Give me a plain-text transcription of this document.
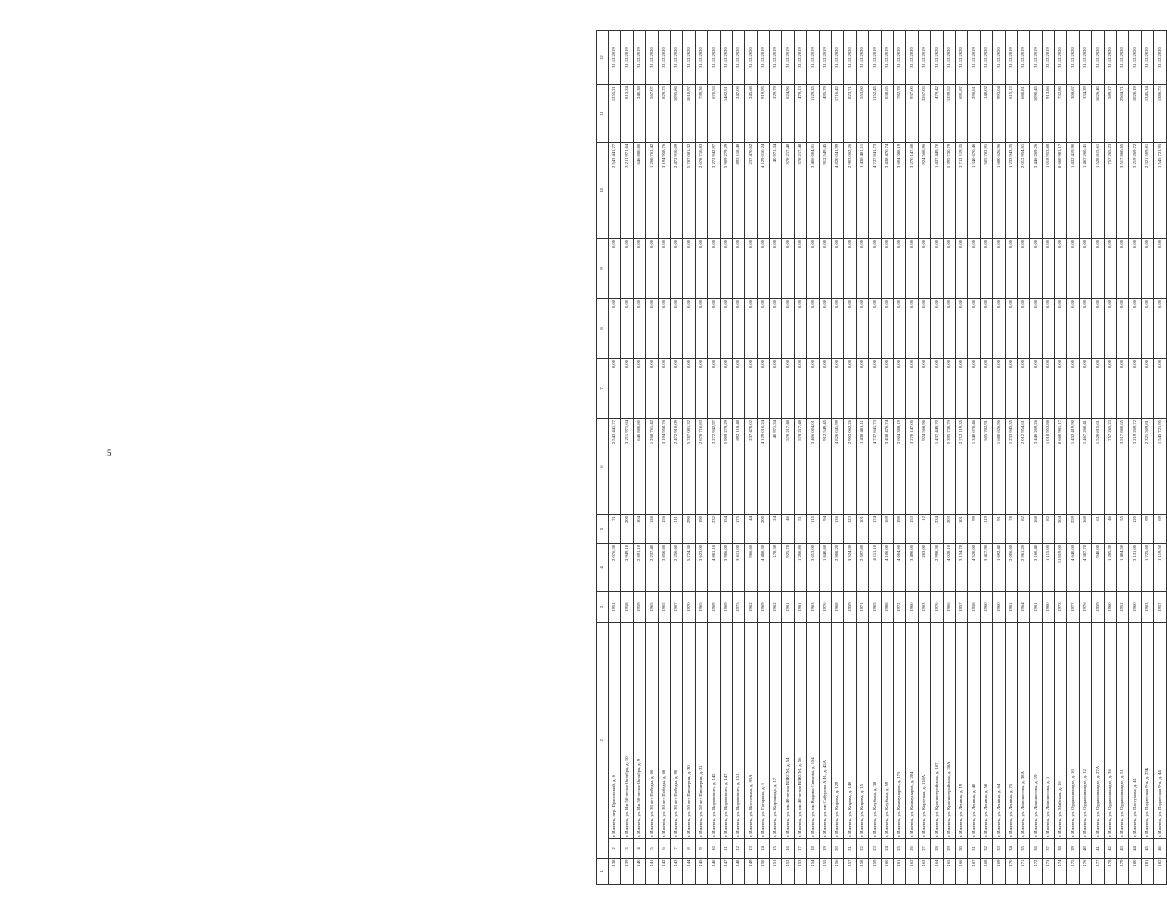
5
1	2		3	4	5	6	7	8	9	10	11	12
138	2	г. Ижевск, пер. Прасовский, д. 6	1951	2 076,30	71	2 543 441,77	0,00	0,00	0,00	2 543 441,77	1255,21	31.12.2019
139	3	г. Ижевск, ул. Им 50-летия Октября, д. 10	1958	3 949,10	200	3 211 971,64	0,00	0,00	0,00	3 211 971,64	813,34	31.12.2019
140	4	г. Ижевск, ул. Им 50-летия Октября, д. 9	1959	2 691,10	104	646 880,80	0,00	0,00	0,00	646 880,80	240,38	31.12.2019
141	5	г. Ижевск, ул. 30 лет Победы, д. 66	1965	2 237,40	128	1 268 761,42	0,00	0,00	0,00	1 268 761,42	567,07	31.12.2020
142	6	г. Ижевск, ул. 30 лет Победы, д. 68	1965	3 850,60	156	3 194 958,76	0,00	0,00	0,00	3 194 958,76	829,75	31.12.2020
143	7	г. Ижевск, ул. 30 лет Победы, д. 90	1967	2 256,60	111	2 472 910,09	0,00	0,00	0,00	2 472 910,09	1095,86	31.12.2020
144	8	г. Ижевск, ул. 50 лет Пионерии, д. 30	1970	5 724,30	290	5 787 081,32	0,00	0,00	0,00	5 787 081,32	1010,97	31.12.2020
145	9	г. Ижевск, ул. 50 лет Пионерии, д. 31	1965	3 623,00	190	2 678 710,83	0,00	0,00	0,00	2 678 710,83	739,36	31.12.2020
146	10	г. Ижевск, ул. Воровского, д. 145	1969	4 881,10	232	3 272 942,97	0,00	0,00	0,00	3 272 942,97	670,53	31.12.2020
147	11	г. Ижевск, ул. Воровского, д. 147	1969	3 986,00	154	5 909 279,29	0,00	0,00	0,00	5 909 279,29	1482,51	31.12.2020
148	12	г. Ижевск, ул. Воровского, д. 151	1975	3 611,00	175	892 118,48	0,00	0,00	0,00	892 118,48	247,06	31.12.2020
149	13	г. Ижевск, ул. Восточная, д. 95А	1962	966,60	44	237 470,02	0,00	0,00	0,00	237 470,02	245,68	31.12.2020
150	14	г. Ижевск, ул. Гагарина, д. 1	1969	4 488,30	200	4 129 010,24	0,00	0,00	0,00	4 129 010,24	919,95	31.12.2019
151	15	г. Ижевск, ул. Кирзавода, д. 17	1962	178,30	24	40 971,34	0,00	0,00	0,00	40 971,34	229,79	31.12.2019
152	16	г. Ижевск, ул. им 40-летия ВЛКСМ, д. 54	1961	925,70	46	578 217,48	0,00	0,00	0,00	578 217,48	624,96	31.12.2019
153	17	г. Ижевск, ул. им 40-летия ВЛКСМ, д. 56	1961	1 206,80	51	578 217,48	0,00	0,00	0,00	578 217,48	479,13	31.12.2019
154	18	г. Ижевск, ул. им Вадима Сивкова, д. 154	1963	3 013,00	115	3 406 004,01	0,00	0,00	0,00	3 406 004,01	1129,35	31.12.2019
155	19	г. Ижевск, ул. им Сабурова А.Н., д. 45А	1976	1 840,60	94	912 549,45	0,00	0,00	0,00	912 549,45	495,79	31.12.2019
156	20	г. Ижевск, ул. Кирова, д. 129	1968	2 808,20	136	4 820 041,99	0,00	0,00	0,00	4 820 041,99	1716,42	31.12.2020
157	21	г. Ижевск, ул. Кирова, д. 140	1959	3 524,30	123	2 903 062,26	0,00	0,00	0,00	2 903 062,26	823,71	31.12.2020
158	22	г. Ижевск, ул. Кирова, д. 15	1971	2 597,80	101	1 438 481,11	0,00	0,00	0,00	1 438 481,11	553,60	31.12.2020
159	23	г. Ижевск, ул. Клубная, д. 38	1965	4 111,10	174	4 737 841,73	0,00	0,00	0,00	4 737 841,73	1152,45	31.12.2019
160	24	г. Ижевск, ул. Клубная, д. 59	1988	4 100,00	169	3 438 470,74	0,00	0,00	0,00	3 438 470,74	838,65	31.12.2019
161	25	г. Ижевск, ул. Коммунаров, д. 175	1972	4 604,60	198	3 604 388,19	0,00	0,00	0,00	3 604 388,19	782,78	31.12.2020
162	26	г. Ижевск, ул. Коммунаров, д. 204	1960	3 490,00	153	3 270 147,00	0,00	0,00	0,00	3 270 147,00	937,00	31.12.2020
163	27	г. Ижевск, ул. Короткая, д. 118А	1963	283,00	12	924 568,96	0,00	0,00	0,00	924 568,96	3267,03	31.12.2019
164	28	г. Ижевск, ул. Красногеройская, д. 107	1976	2 998,30	234	1 437 449,70	0,00	0,00	0,00	1 437 449,70	479,42	31.12.2020
165	29	г. Ижевск, ул. Красногеройская, д. 38А	1966	4 028,10	203	5 395 730,79	0,00	0,00	0,00	5 395 730,79	1339,52	31.12.2020
166	30	г. Ижевск, ул. Ленина, д. 19	1957	3 134,70	101	2 712 119,35	0,00	0,00	0,00	2 712 119,35	691,87	31.12.2020
167	31	г. Ижевск, ул. Ленина, д. 40	1958	4 520,00	99	1 340 670,46	0,00	0,00	0,00	1 340 670,46	296,61	31.12.2019
168	32	г. Ижевск, ул. Ленина, д. 58	1960	3 417,90	119	505 782,91	0,00	0,00	0,00	505 782,91	148,02	31.12.2020
169	33	г. Ижевск, ул. Ленина, д. 64	1960	1 692,40	91	1 680 626,96	0,00	0,00	0,00	1 680 626,96	993,04	31.12.2020
170	34	г. Ижевск, ул. Ленина, д. 75	1961	2 006,60	78	1 233 943,35	0,00	0,00	0,00	1 233 943,35	615,13	31.12.2019
171	35	г. Ижевск, ул. Ломоносова, д. 38А	1964	2 961,20	82	2 012 954,61	0,00	0,00	0,00	2 012 954,61	680,81	31.12.2019
172	36	г. Ижевск, ул. Ломоносова, д. 19	1961	3 160,40	168	3 446 269,26	0,00	0,00	0,00	3 446 269,26	1090,45	31.12.2019
173	37	г. Ижевск, ул. Ломоносова, д. 1	1960	1 115,00	82	1 018 953,88	0,00	0,00	0,00	1 018 953,88	913,86	31.12.2019
174	38	г. Ижевск, ул. Майская, д. 16	1973	11 819,00	504	8 660 981,17	0,00	0,00	0,00	8 660 981,17	732,80	31.12.2020
175	39	г. Ижевск, ул. Орджоникидзе, д. 10	1977	4 640,00	259	1 432 419,90	0,00	0,00	0,00	1 432 419,90	308,67	31.12.2020
176	40	г. Ижевск, ул. Орджоникидзе, д. 12	1976	4 387,70	168	1 467 260,41	0,00	0,00	0,00	1 467 260,41	334,39	31.12.2020
177	41	г. Ижевск, ул. Орджоникидзе, д. 27А	1959	940,00	61	1 528 815,61	0,00	0,00	0,00	1 528 815,61	1626,40	31.12.2020
178	42	г. Ижевск, ул. Орджоникидзе, д. 36	1960	1 285,30	46	757 265,23	0,00	0,00	0,00	757 265,23	589,17	31.12.2020
179	43	г. Ижевск, ул. Орджоникидзе, д. 51	1951	1 404,50	55	3 517 860,65	0,00	0,00	0,00	3 517 860,65	2504,71	31.12.2020
180	44	г. Ижевск, ул. Пастухова, д. 41	1960	3 131,00	120	3 219 269,72	0,00	0,00	0,00	3 219 269,72	1028,19	31.12.2020
181	45	г. Ижевск, ул. Подлесная 9-я, д. 23Б	1963	1 725,60	99	2 321 509,81	0,00	0,00	0,00	2 321 509,81	1345,34	31.12.2020
182	46	г. Ижевск, ул. Подлесная 9-я, д. 44	1957	1 119,50	69	1 545 721,95	0,00	0,00	0,00	1 545 721,95	1380,73	31.12.2020
